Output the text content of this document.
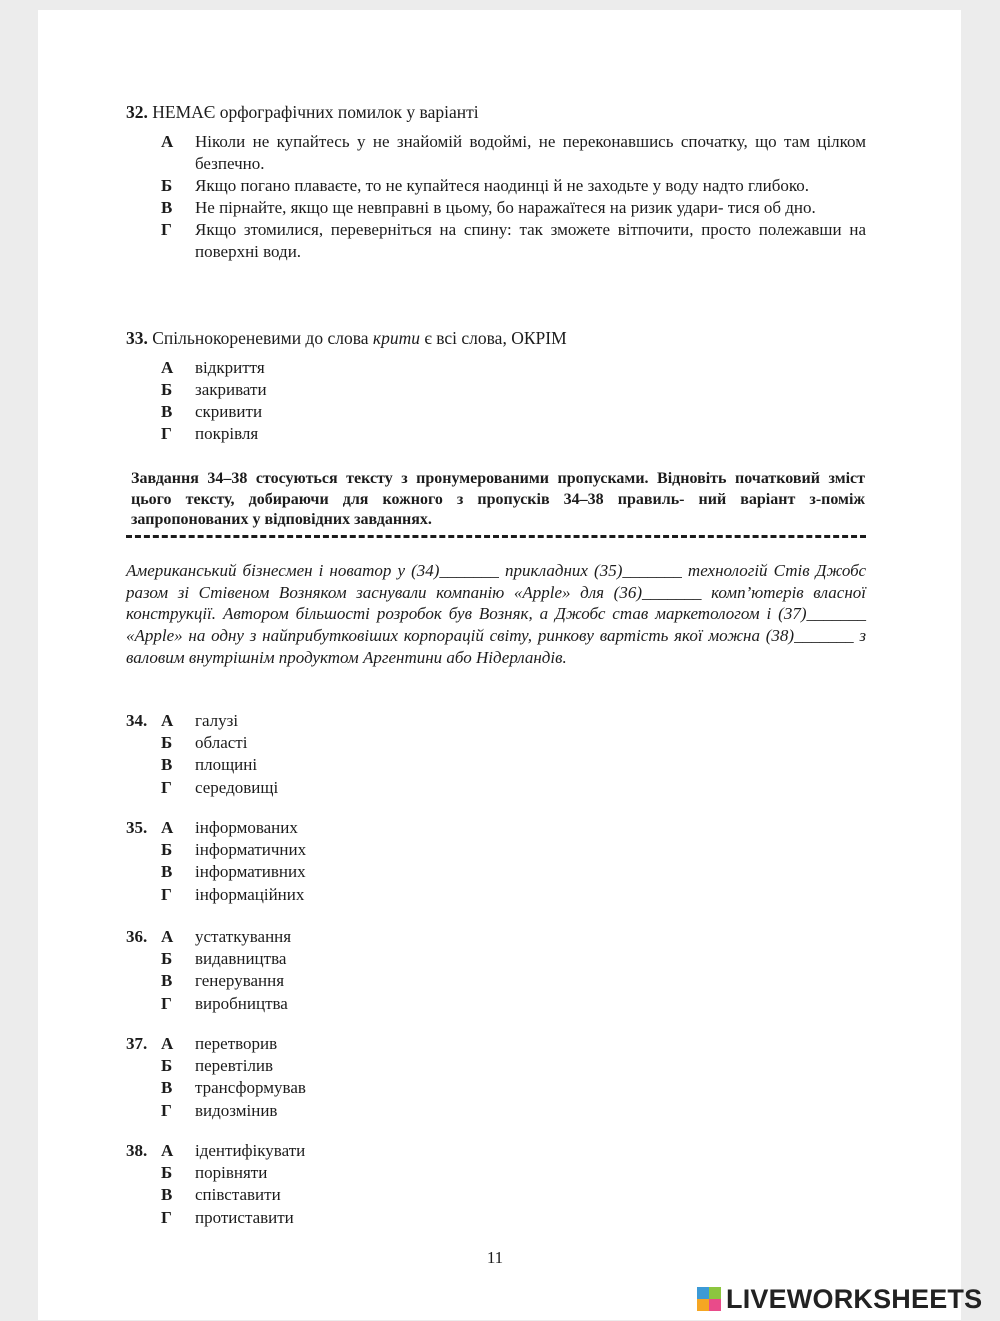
32. НЕМАЄ орфографічних помилок у варіанті
А Ніколи не купайтесь у не знайомій водоймі, не переконавшись спочатку, що там цілком безпечно.
Б Якщо погано плаваєте, то не купайтеся наодинці й не заходьте у воду надто глибоко.
В Не пірнайте, якщо ще невправні в цьому, бо наражаїтеся на ризик удари- тися об дно.
Г Якщо зтомилися, переверніться на спину: так зможете вітпочити, просто полежавши на поверхні води.
33. Спільнокореневими до слова крити є всі слова, ОКРІМ
А відкриття
Б закривати
В скривити
Г покрівля
Завдання 34–38 стосуються тексту з пронумерованими пропусками. Відновіть початковий зміст цього тексту, добираючи для кожного з пропусків 34–38 правиль- ний варіант з-поміж запропонованих у відповідних завданнях.
Американський бізнесмен і новатор у (34)_______ прикладних (35)_______ технологій Стів Джобс разом зі Стівеном Возняком заснували компанію «Apple» для (36)_______ комп’ютерів власної конструкції. Автором більшості розробок був Возняк, а Джобс став маркетологом і (37)_______ «Apple» на одну з найприбутковіших корпорацій світу, ринкову вартість якої можна (38)_______ з валовим внутрішнім продуктом Аргентини або Нідерландів.
34. А галузі
Б області
В площині
Г середовищі
35. А інформованих
Б інформатичних
В інформативних
Г інформаційних
36. А устаткування
Б видавництва
В генерування
Г виробництва
37. А перетворив
Б перевтілив
В трансформував
Г видозмінив
38. А ідентифікувати
Б порівняти
В співставити
Г протиставити
11
LIVEWORKSHEETS
